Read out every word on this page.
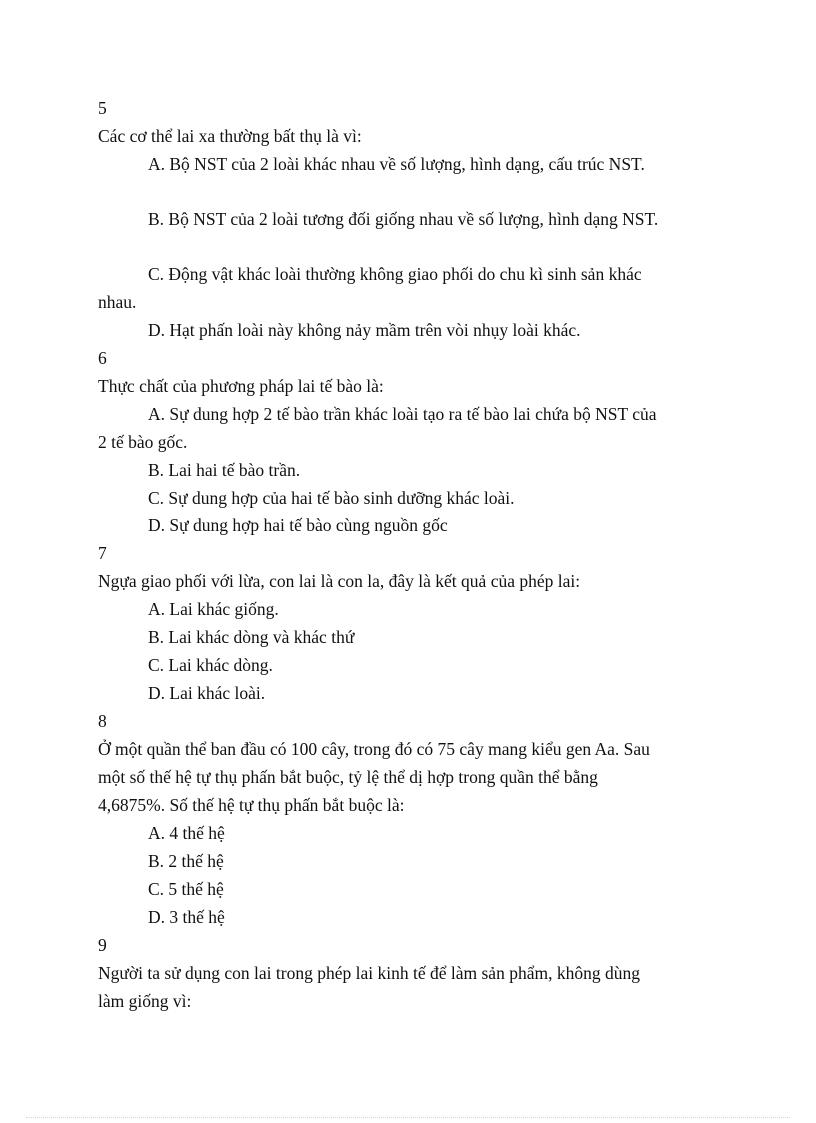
5
Các cơ thể lai xa thường bất thụ là vì:
A. Bộ NST của 2 loài khác nhau về số lượng, hình dạng, cấu trúc NST.
B. Bộ NST của 2 loài tương đối giống nhau về số lượng, hình dạng NST.
C. Động vật khác loài thường không giao phối do chu kì sinh sản khác
nhau.
D. Hạt phấn loài này không nảy mầm trên vòi nhụy loài khác.
6
Thực chất của phương pháp lai tế bào là:
A. Sự dung hợp 2 tế bào trần khác loài tạo ra tế bào lai chứa bộ NST của
2 tế bào gốc.
B. Lai hai tế bào trần.
C. Sự dung hợp của hai tế bào sinh dưỡng khác loài.
D. Sự dung hợp hai tế bào cùng nguồn gốc
7
Ngựa giao phối với lừa, con lai là con la, đây là kết quả của phép lai:
A. Lai khác giống.
B. Lai khác dòng và khác thứ
C. Lai khác dòng.
D. Lai khác loài.
8
Ở một quần thể ban đầu có 100 cây, trong đó có 75 cây mang kiểu gen Aa. Sau
một số thế hệ tự thụ phấn bắt buộc, tỷ lệ thể dị hợp trong quần thể bằng
4,6875%. Số thế hệ tự thụ phấn bắt buộc là:
A. 4 thế hệ
B. 2 thế hệ
C. 5 thế hệ
D. 3 thế hệ
9
Người ta sử dụng con lai trong phép lai kinh tế để làm sản phẩm, không dùng
làm giống vì:
